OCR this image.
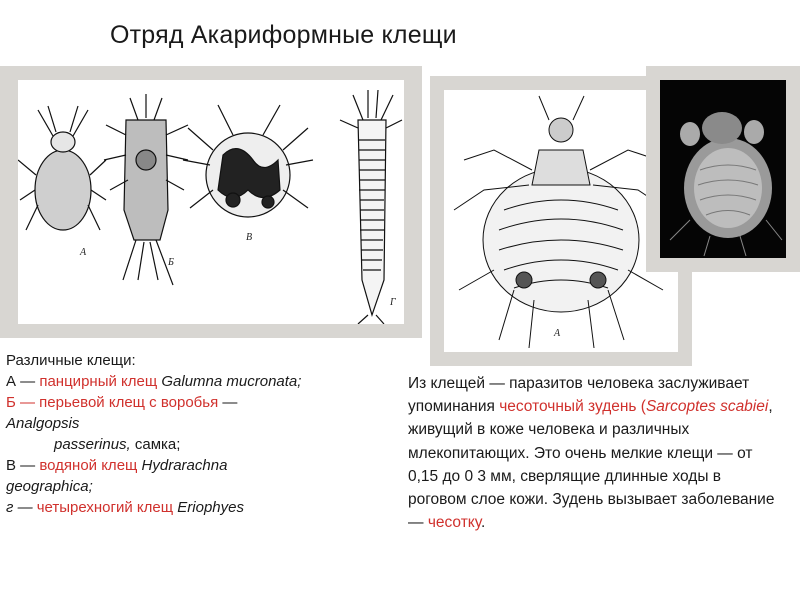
Отряд Акариформные клещи
А
Б
В
Г
А
Различные клещи:
А — панцирный клещ Galumna mucronata;
Б — перьевой клещ с воробья —
Analgopsis
passerinus, самка;
В — водяной клещ Hydrarachna
geographica;
г — четырехногий клещ Eriophyes
Из клещей — паразитов человека заслуживает упоминания чесоточный зудень (Sarcoptes scabiei, живущий в коже человека и различных млекопитающих. Это очень мелкие клещи — от 0,15 до 0 3 мм, сверлящие длинные ходы в роговом слое кожи. Зудень вызывает заболевание— чесотку.
